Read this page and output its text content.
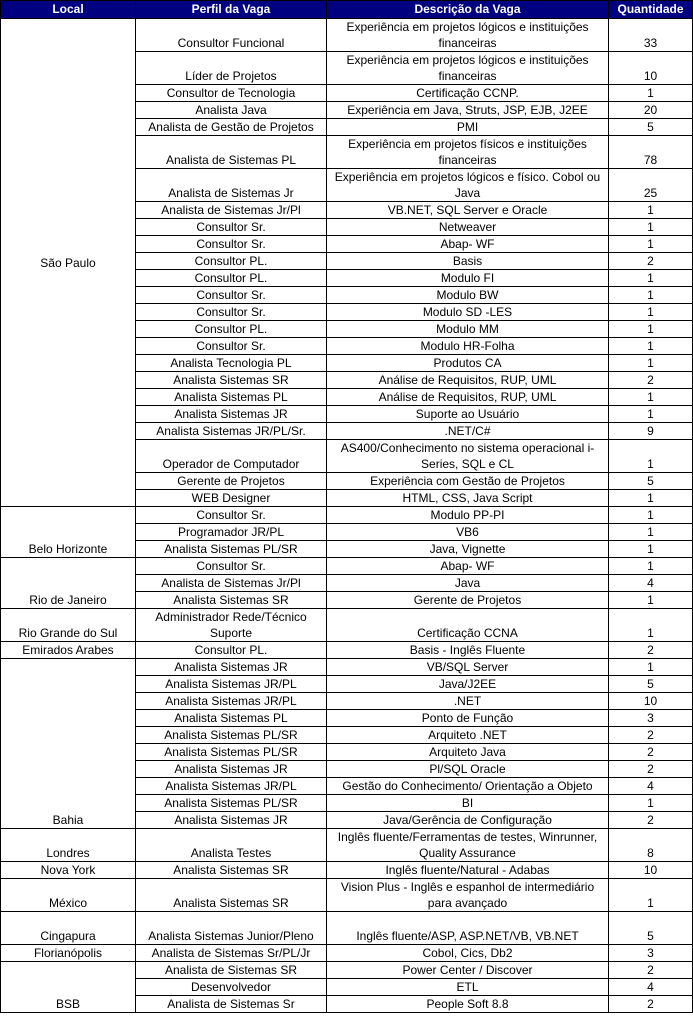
Local	Perfil da Vaga	Descrição da Vaga	Quantidade
São Paulo	Consultor Funcional	Experiência em projetos lógicos e instituições financeiras	33
	Líder de Projetos	Experiência em projetos lógicos e instituições financeiras	10
	Consultor de Tecnologia	Certificação CCNP.	1
	Analista Java	Experiência em Java, Struts, JSP, EJB, J2EE	20
	Analista de Gestão de Projetos	PMI	5
	Analista de Sistemas PL	Experiência em projetos físicos e instituições financeiras	78
	Analista de Sistemas Jr	Experiência em projetos lógicos e físico. Cobol ou Java	25
	Analista de Sistemas Jr/Pl	VB.NET, SQL Server e Oracle	1
	Consultor Sr.	Netweaver	1
	Consultor Sr.	Abap- WF	1
	Consultor PL.	Basis	2
	Consultor PL.	Modulo FI	1
	Consultor Sr.	Modulo BW	1
	Consultor Sr.	Modulo SD -LES	1
	Consultor PL.	Modulo MM	1
	Consultor Sr.	Modulo HR-Folha	1
	Analista Tecnologia PL	Produtos CA	1
	Analista Sistemas SR	Análise de Requisitos, RUP, UML	2
	Analista Sistemas PL	Análise de Requisitos, RUP, UML	1
	Analista Sistemas JR	Suporte ao Usuário	1
	Analista Sistemas JR/PL/Sr.	.NET/C#	9
	Operador de Computador	AS400/Conhecimento no sistema operacional i-Series, SQL e CL	1
	Gerente de Projetos	Experiência com Gestão de Projetos	5
	WEB Designer	HTML, CSS, Java Script	1
Belo Horizonte	Consultor Sr.	Modulo PP-PI	1
	Programador JR/PL	VB6	1
	Analista Sistemas PL/SR	Java, Vignette	1
Rio de Janeiro	Consultor Sr.	Abap- WF	1
	Analista de Sistemas Jr/Pl	Java	4
	Analista Sistemas SR	Gerente de Projetos	1
Rio Grande do Sul	Administrador Rede/Técnico Suporte	Certificação CCNA	1
Emirados Arabes	Consultor PL.	Basis - Inglês Fluente	2
Bahia	Analista Sistemas JR	VB/SQL Server	1
	Analista Sistemas JR/PL	Java/J2EE	5
	Analista Sistemas JR/PL	.NET	10
	Analista Sistemas PL	Ponto de Função	3
	Analista Sistemas PL/SR	Arquiteto .NET	2
	Analista Sistemas PL/SR	Arquiteto Java	2
	Analista Sistemas JR	Pl/SQL Oracle	2
	Analista Sistemas JR/PL	Gestão do Conhecimento/ Orientação a Objeto	4
	Analista Sistemas PL/SR	BI	1
	Analista Sistemas JR	Java/Gerência de Configuração	2
Londres	Analista Testes	Inglês fluente/Ferramentas de testes, Winrunner, Quality Assurance	8
Nova York	Analista Sistemas SR	Inglês fluente/Natural - Adabas	10
México	Analista Sistemas SR	Vision Plus - Inglês e espanhol de intermediário para avançado	1
Cingapura	Analista Sistemas Junior/Pleno	Inglês fluente/ASP, ASP.NET/VB, VB.NET	5
Florianópolis	Analista de Sistemas Sr/PL/Jr	Cobol, Cics, Db2	3
BSB	Analista de Sistemas SR	Power Center / Discover	2
	Desenvolvedor	ETL	4
	Analista de Sistemas Sr	People Soft 8.8	2
